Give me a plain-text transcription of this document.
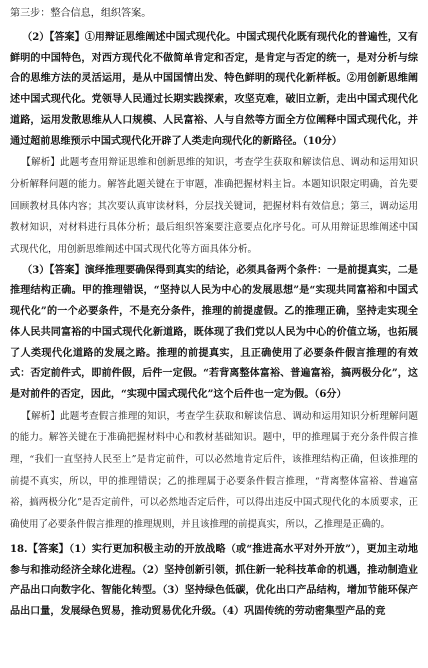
第三步：整合信息，组织答案。

（2）【答案】①用辩证思维阐述中国式现代化。中国式现代化既有现代化的普遍性，又有鲜明的中国特色，对西方现代化不做简单肯定和否定，是肯定与否定的统一，是对分析与综合的思维方法的灵活运用，是从中国国情出发、特色鲜明的现代化新样板。②用创新思维阐述中国式现代化。党领导人民通过长期实践探索，攻坚克难，破旧立新，走出中国式现代化道路，运用发散思维从人口规模、人民富裕、人与自然等方面全方位阐释中国式现代化，并通过超前思维预示中国式现代化开辟了人类走向现代化的新路径。（10分）

【解析】此题考查用辩证思维和创新思维的知识，考查学生获取和解读信息、调动和运用知识分析解释问题的能力。解答此题关键在于审题，准确把握材料主旨。本题知识限定明确，首先要回顾教材具体内容；其次要认真审读材料，分层找关键词，把握材料有效信息；第三，调动运用教材知识，对材料进行具体分析；最后组织答案要注意要点化序号化。可从用辩证思维阐述中国式现代化，用创新思维阐述中国式现代化等方面具体分析。

（3）【答案】演绎推理要确保得到真实的结论，必须具备两个条件：一是前提真实，二是推理结构正确。甲的推理错误，“坚持以人民为中心的发展思想”是“实现共同富裕和中国式现代化”的一个必要条件，不是充分条件，推理的前提虚假。乙的推理正确，坚持走实现全体人民共同富裕的中国式现代化新道路，既体现了我们党以人民为中心的价值立场，也拓展了人类现代化道路的发展之路。推理的前提真实，且正确使用了必要条件假言推理的有效式：否定前件式，即前件假，后件一定假。“若背离整体富裕、普遍富裕，搞两极分化”，这是对前件的否定，因此，“实现中国式现代化”这个后件也一定为假。（6分）

【解析】此题考查假言推理的知识，考查学生获取和解读信息、调动和运用知识分析理解问题的能力。解答关键在于准确把握材料中心和教材基础知识。题中，甲的推理属于充分条件假言推理，“我们一直坚持人民至上”是肯定前件，可以必然地肯定后件，该推理结构正确，但该推理的前提不真实，所以，甲的推理错误；乙的推理属于必要条件假言推理，“背离整体富裕、普遍富裕，搞两极分化”是否定前件，可以必然地否定后件，可以得出违反中国式现代化的本质要求，正确使用了必要条件假言推理的推理规则，并且该推理的前提真实，所以，乙推理是正确的。

18.【答案】（1）实行更加积极主动的开放战略（或“推进高水平对外开放”），更加主动地参与和推动经济全球化进程。（2）坚持创新引领，抓住新一轮科技革命的机遇，推动制造业产品出口向数字化、智能化转型。（3）坚持绿色低碳，优化出口产品结构，增加节能环保产品出口量，发展绿色贸易，推动贸易优化升级。（4）巩固传统的劳动密集型产品的竞
